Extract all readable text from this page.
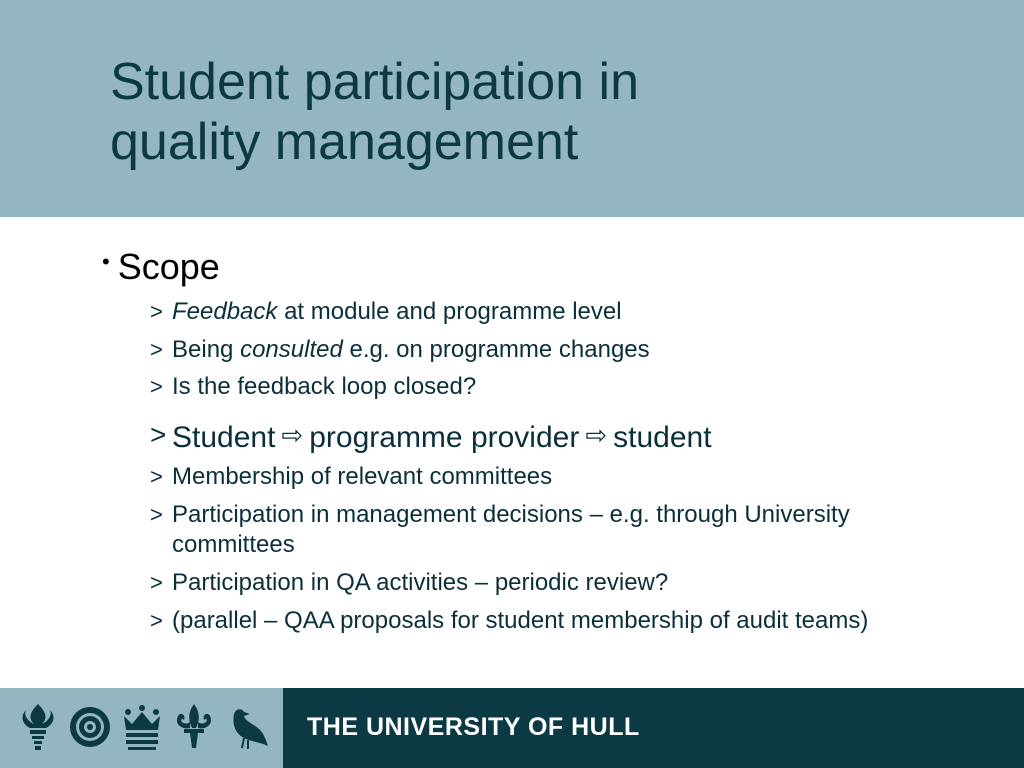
Student participation in
quality management
• Scope
> Feedback at module and programme level
> Being consulted e.g. on programme changes
> Is the feedback loop closed?
> Student ⇨ programme provider ⇨ student
> Membership of relevant committees
> Participation in management decisions – e.g. through University committees
> Participation in QA activities – periodic review?
> (parallel – QAA proposals for student membership of audit teams)
THE UNIVERSITY OF HULL
